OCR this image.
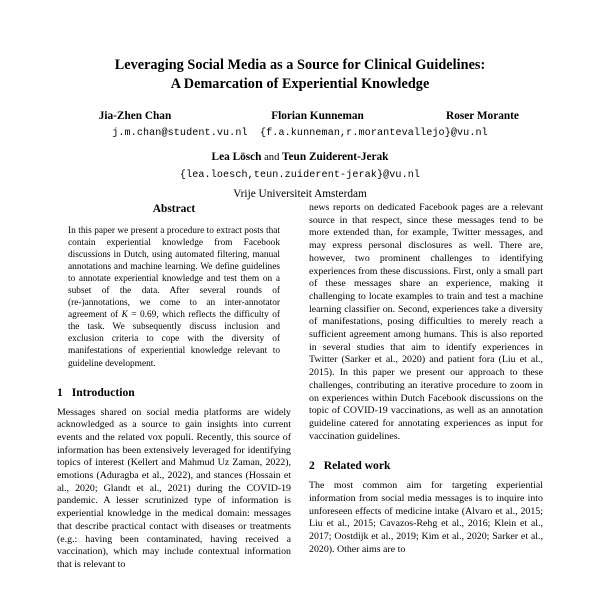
Leveraging Social Media as a Source for Clinical Guidelines:
A Demarcation of Experiential Knowledge
Jia-Zhen Chan	Florian Kunneman	Roser Morante
j.m.chan@student.vu.nl {f.a.kunneman,r.morantevallejo}@vu.nl
Lea Lösch and Teun Zuiderent-Jerak
{lea.loesch,teun.zuiderent-jerak}@vu.nl
Vrije Universiteit Amsterdam
Abstract

In this paper we present a procedure to extract posts that contain experiential knowledge from Facebook discussions in Dutch, using automated filtering, manual annotations and machine learning. We define guidelines to annotate experiential knowledge and test them on a subset of the data. After several rounds of (re-)annotations, we come to an inter-annotator agreement of K = 0.69, which reflects the difficulty of the task. We subsequently discuss inclusion and exclusion criteria to cope with the diversity of manifestations of experiential knowledge relevant to guideline development.

1 Introduction

Messages shared on social media platforms are widely acknowledged as a source to gain insights into current events and the related vox populi. Recently, this source of information has been extensively leveraged for identifying topics of interest (Kellert and Mahmud Uz Zaman, 2022), emotions (Aduragba et al., 2022), and stances (Hossain et al., 2020; Glandt et al., 2021) during the COVID-19 pandemic. A lesser scrutinized type of information is experiential knowledge in the medical domain: messages that describe practical contact with diseases or treatments (e.g.: having been contaminated, having received a vaccination), which may include contextual information that is relevant to

news reports on dedicated Facebook pages are a relevant source in that respect, since these messages tend to be more extended than, for example, Twitter messages, and may express personal disclosures as well. There are, however, two prominent challenges to identifying experiences from these discussions. First, only a small part of these messages share an experience, making it challenging to locate examples to train and test a machine learning classifier on. Second, experiences take a diversity of manifestations, posing difficulties to merely reach a sufficient agreement among humans. This is also reported in several studies that aim to identify experiences in Twitter (Sarker et al., 2020) and patient fora (Liu et al., 2015). In this paper we present our approach to these challenges, contributing an iterative procedure to zoom in on experiences within Dutch Facebook discussions on the topic of COVID-19 vaccinations, as well as an annotation guideline catered for annotating experiences as input for vaccination guidelines.

2 Related work

The most common aim for targeting experiential information from social media messages is to inquire into unforeseen effects of medicine intake (Alvaro et al., 2015; Liu et al., 2015; Cavazos-Rehg et al., 2016; Klein et al., 2017; Oostdijk et al., 2019; Kim et al., 2020; Sarker et al., 2020). Other aims are to
